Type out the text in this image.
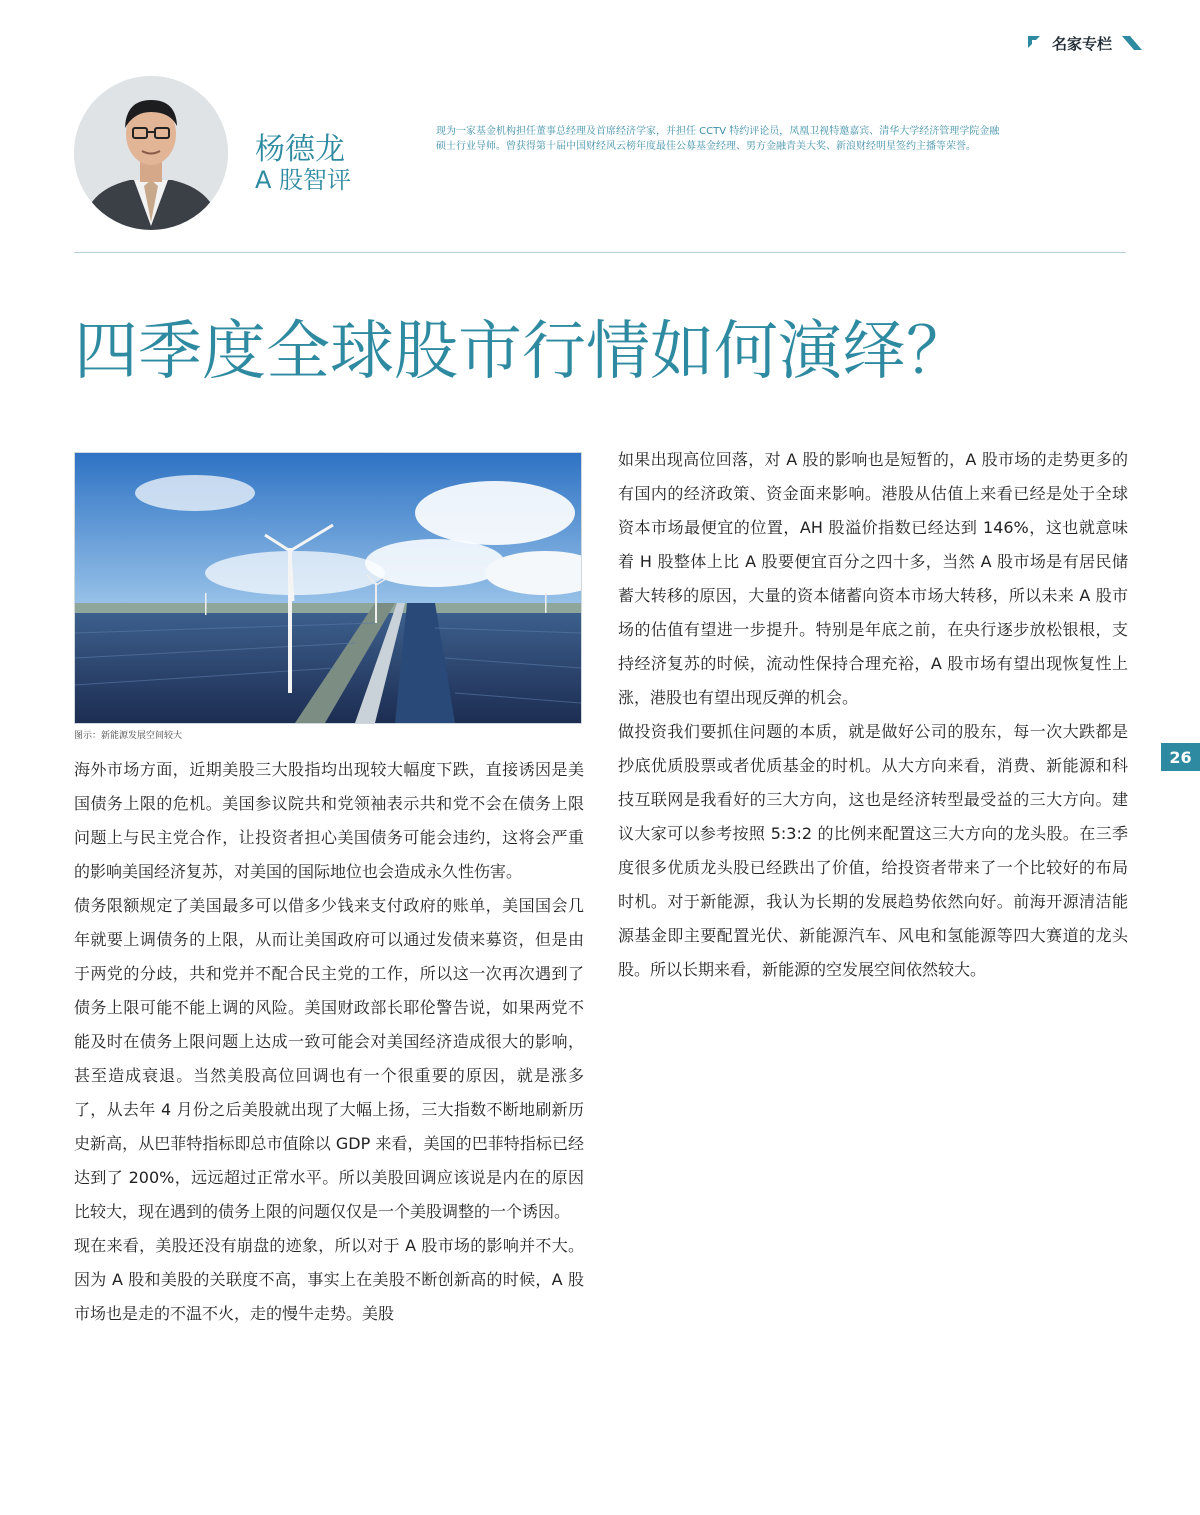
名家专栏
杨德龙
A 股智评
现为一家基金机构担任董事总经理及首席经济学家，并担任 CCTV 特约评论员，凤凰卫视特邀嘉宾、清华大学经济管理学院金融硕士行业导师。曾获得第十届中国财经风云榜年度最佳公募基金经理、男方金融青美大奖、新浪财经明星签约主播等荣誉。
四季度全球股市行情如何演绎？
图示：新能源发展空间较大

海外市场方面，近期美股三大股指均出现较大幅度下跌，直接诱因是美国债务上限的危机。美国参议院共和党领袖表示共和党不会在债务上限问题上与民主党合作，让投资者担心美国债务可能会违约，这将会严重的影响美国经济复苏，对美国的国际地位也会造成永久性伤害。

债务限额规定了美国最多可以借多少钱来支付政府的账单，美国国会几年就要上调债务的上限，从而让美国政府可以通过发债来募资，但是由于两党的分歧，共和党并不配合民主党的工作，所以这一次再次遇到了债务上限可能不能上调的风险。美国财政部长耶伦警告说，如果两党不能及时在债务上限问题上达成一致可能会对美国经济造成很大的影响，甚至造成衰退。当然美股高位回调也有一个很重要的原因，就是涨多了，从去年 4 月份之后美股就出现了大幅上扬，三大指数不断地刷新历史新高，从巴菲特指标即总市值除以 GDP 来看，美国的巴菲特指标已经达到了 200%，远远超过正常水平。所以美股回调应该说是内在的原因比较大，现在遇到的债务上限的问题仅仅是一个美股调整的一个诱因。

现在来看，美股还没有崩盘的迹象，所以对于 A 股市场的影响并不大。因为 A 股和美股的关联度不高，事实上在美股不断创新高的时候，A 股市场也是走的不温不火，走的慢牛走势。美股

如果出现高位回落，对 A 股的影响也是短暂的，A 股市场的走势更多的有国内的经济政策、资金面来影响。港股从估值上来看已经是处于全球资本市场最便宜的位置，AH 股溢价指数已经达到 146%，这也就意味着 H 股整体上比 A 股要便宜百分之四十多，当然 A 股市场是有居民储蓄大转移的原因，大量的资本储蓄向资本市场大转移，所以未来 A 股市场的估值有望进一步提升。特别是年底之前，在央行逐步放松银根，支持经济复苏的时候，流动性保持合理充裕，A 股市场有望出现恢复性上涨，港股也有望出现反弹的机会。

做投资我们要抓住问题的本质，就是做好公司的股东，每一次大跌都是抄底优质股票或者优质基金的时机。从大方向来看，消费、新能源和科技互联网是我看好的三大方向，这也是经济转型最受益的三大方向。建议大家可以参考按照 5:3:2 的比例来配置这三大方向的龙头股。在三季度很多优质龙头股已经跌出了价值，给投资者带来了一个比较好的布局时机。对于新能源，我认为长期的发展趋势依然向好。前海开源清洁能源基金即主要配置光伏、新能源汽车、风电和氢能源等四大赛道的龙头股。所以长期来看，新能源的空发展空间依然较大。

26
